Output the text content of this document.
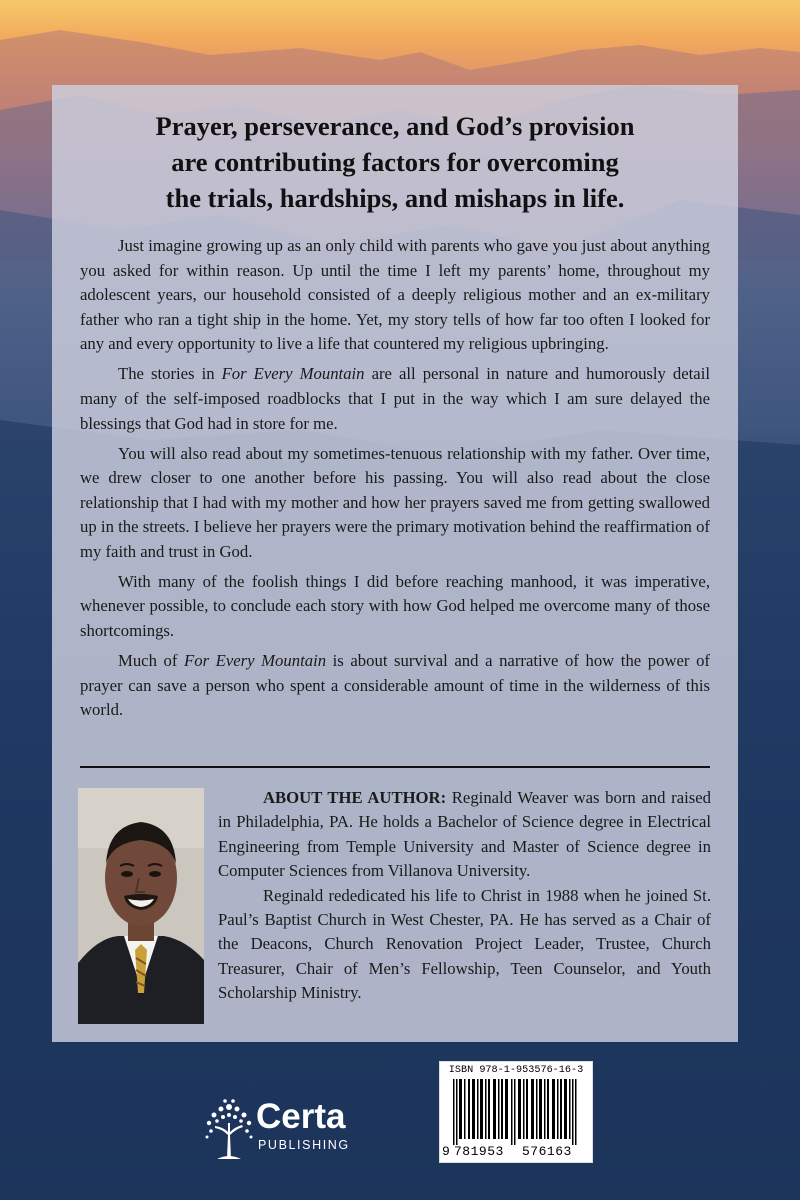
Prayer, perseverance, and God’s provision
are contributing factors for overcoming
the trials, hardships, and mishaps in life.

Just imagine growing up as an only child with parents who gave you just about anything you asked for within reason. Up until the time I left my parents’ home, throughout my adolescent years, our household consisted of a deeply religious mother and an ex-military father who ran a tight ship in the home. Yet, my story tells of how far too often I looked for any and every opportunity to live a life that countered my religious upbringing.

The stories in For Every Mountain are all personal in nature and humorously detail many of the self-imposed roadblocks that I put in the way which I am sure delayed the blessings that God had in store for me.

You will also read about my sometimes-tenuous relationship with my father. Over time, we drew closer to one another before his passing. You will also read about the close relationship that I had with my mother and how her prayers saved me from getting swallowed up in the streets. I believe her prayers were the primary motivation behind the reaffirmation of my faith and trust in God.

With many of the foolish things I did before reaching manhood, it was imperative, whenever possible, to conclude each story with how God helped me overcome many of those shortcomings.

Much of For Every Mountain is about survival and a narrative of how the power of prayer can save a person who spent a considerable amount of time in the wilderness of this world.

ABOUT THE AUTHOR: Reginald Weaver was born and raised in Philadelphia, PA. He holds a Bachelor of Science degree in Electrical Engineering from Temple University and Master of Science degree in Computer Sciences from Villanova University.

Reginald rededicated his life to Christ in 1988 when he joined St. Paul’s Baptist Church in West Chester, PA. He has served as a Chair of the Deacons, Church Renovation Project Leader, Trustee, Church Treasurer, Chair of Men’s Fellowship, Teen Counselor, and Youth Scholarship Ministry.

Certa
PUBLISHING
ISBN 978-1-953576-16-3
9 781953 576163
